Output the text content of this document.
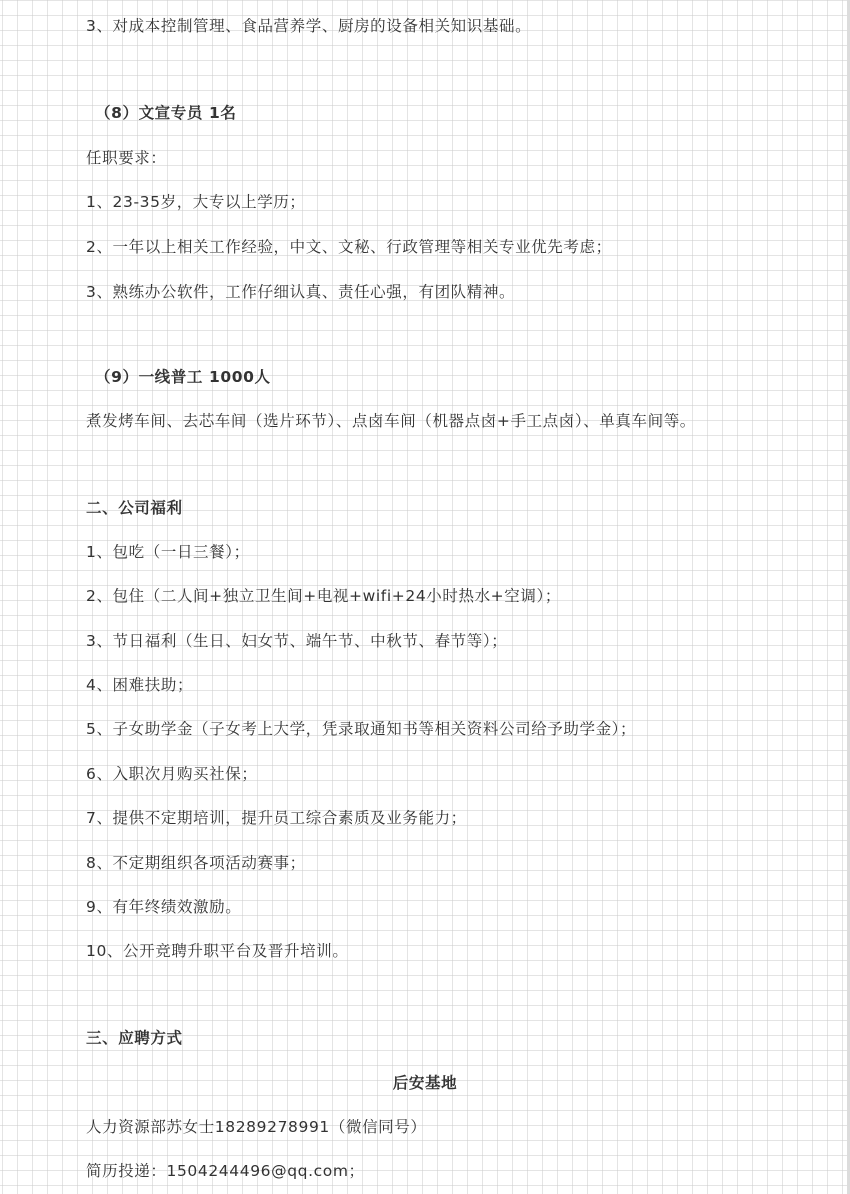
3、对成本控制管理、食品营养学、厨房的设备相关知识基础。

（8）文宣专员 1名

任职要求：

1、23-35岁，大专以上学历；

2、一年以上相关工作经验，中文、文秘、行政管理等相关专业优先考虑；

3、熟练办公软件，工作仔细认真、责任心强，有团队精神。

（9）一线普工 1000人

煮发烤车间、去芯车间（选片环节）、点卤车间（机器点卤+手工点卤）、单真车间等。

二、公司福利

1、包吃（一日三餐）；

2、包住（二人间+独立卫生间+电视+wifi+24小时热水+空调）；

3、节日福利（生日、妇女节、端午节、中秋节、春节等）；

4、困难扶助；

5、子女助学金（子女考上大学，凭录取通知书等相关资料公司给予助学金）；

6、入职次月购买社保；

7、提供不定期培训，提升员工综合素质及业务能力；

8、不定期组织各项活动赛事；

9、有年终绩效激励。

10、公开竞聘升职平台及晋升培训。

三、应聘方式

后安基地

人力资源部苏女士18289278991（微信同号）

简历投递：1504244496@qq.com；
